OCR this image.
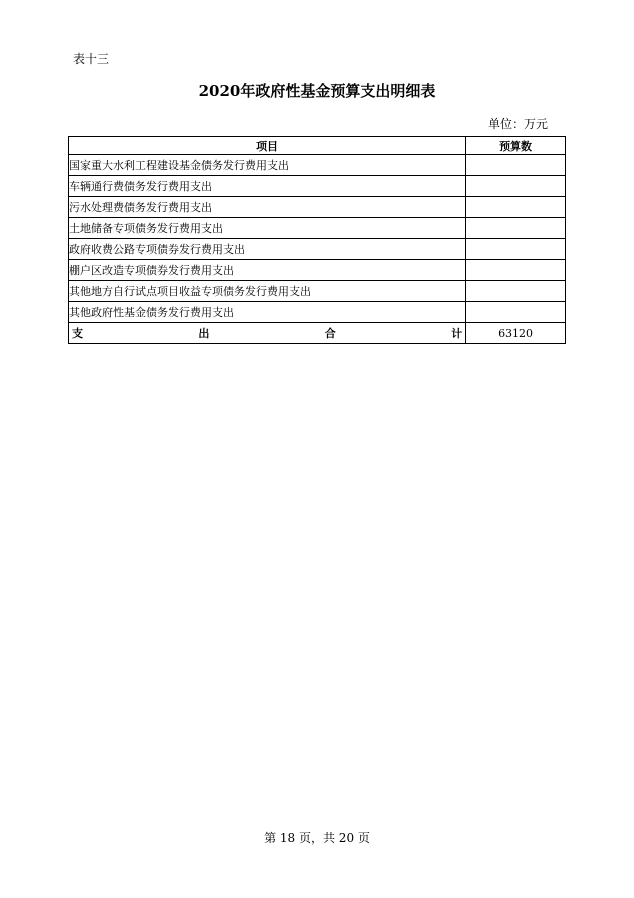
表十三
2020年政府性基金预算支出明细表
单位：万元
项目	预算数
国家重大水利工程建设基金债务发行费用支出	
车辆通行费债务发行费用支出	
污水处理费债务发行费用支出	
土地储备专项债务发行费用支出	
政府收费公路专项债券发行费用支出	
棚户区改造专项债券发行费用支出	
其他地方自行试点项目收益专项债务发行费用支出	
其他政府性基金债务发行费用支出	

支 出 合 计	63120
第 18 页，共 20 页
